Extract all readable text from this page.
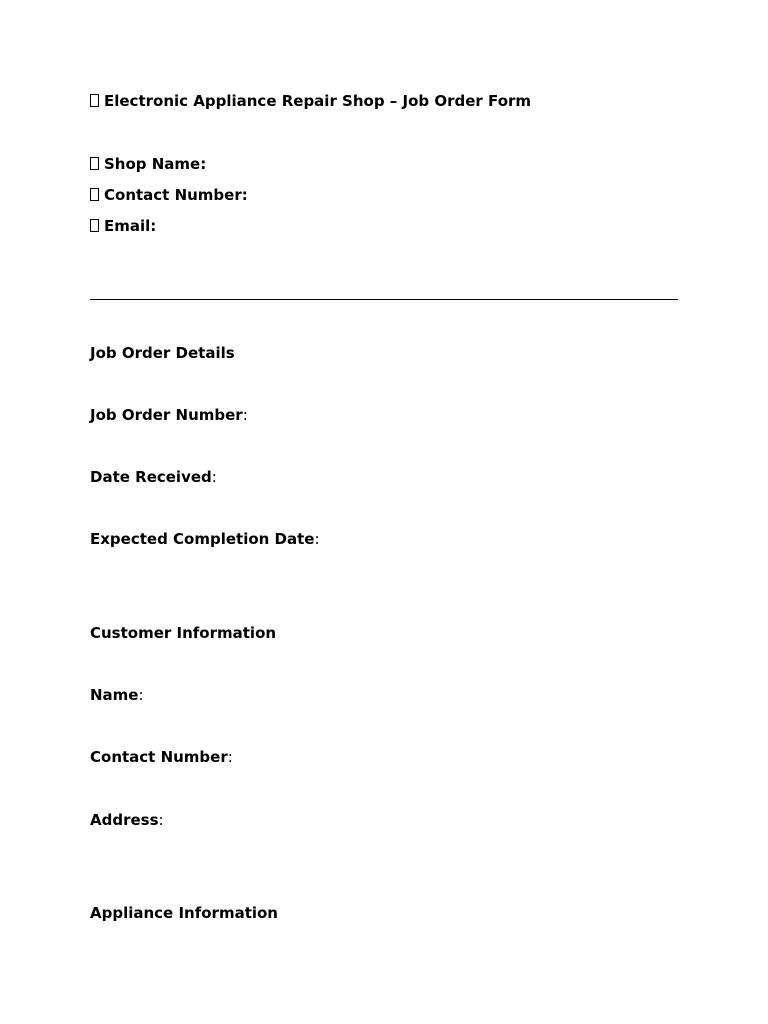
Electronic Appliance Repair Shop – Job Order Form
Shop Name:
Contact Number:
Email:
Job Order Details
Job Order Number:
Date Received:
Expected Completion Date:
Customer Information
Name:
Contact Number:
Address:
Appliance Information
